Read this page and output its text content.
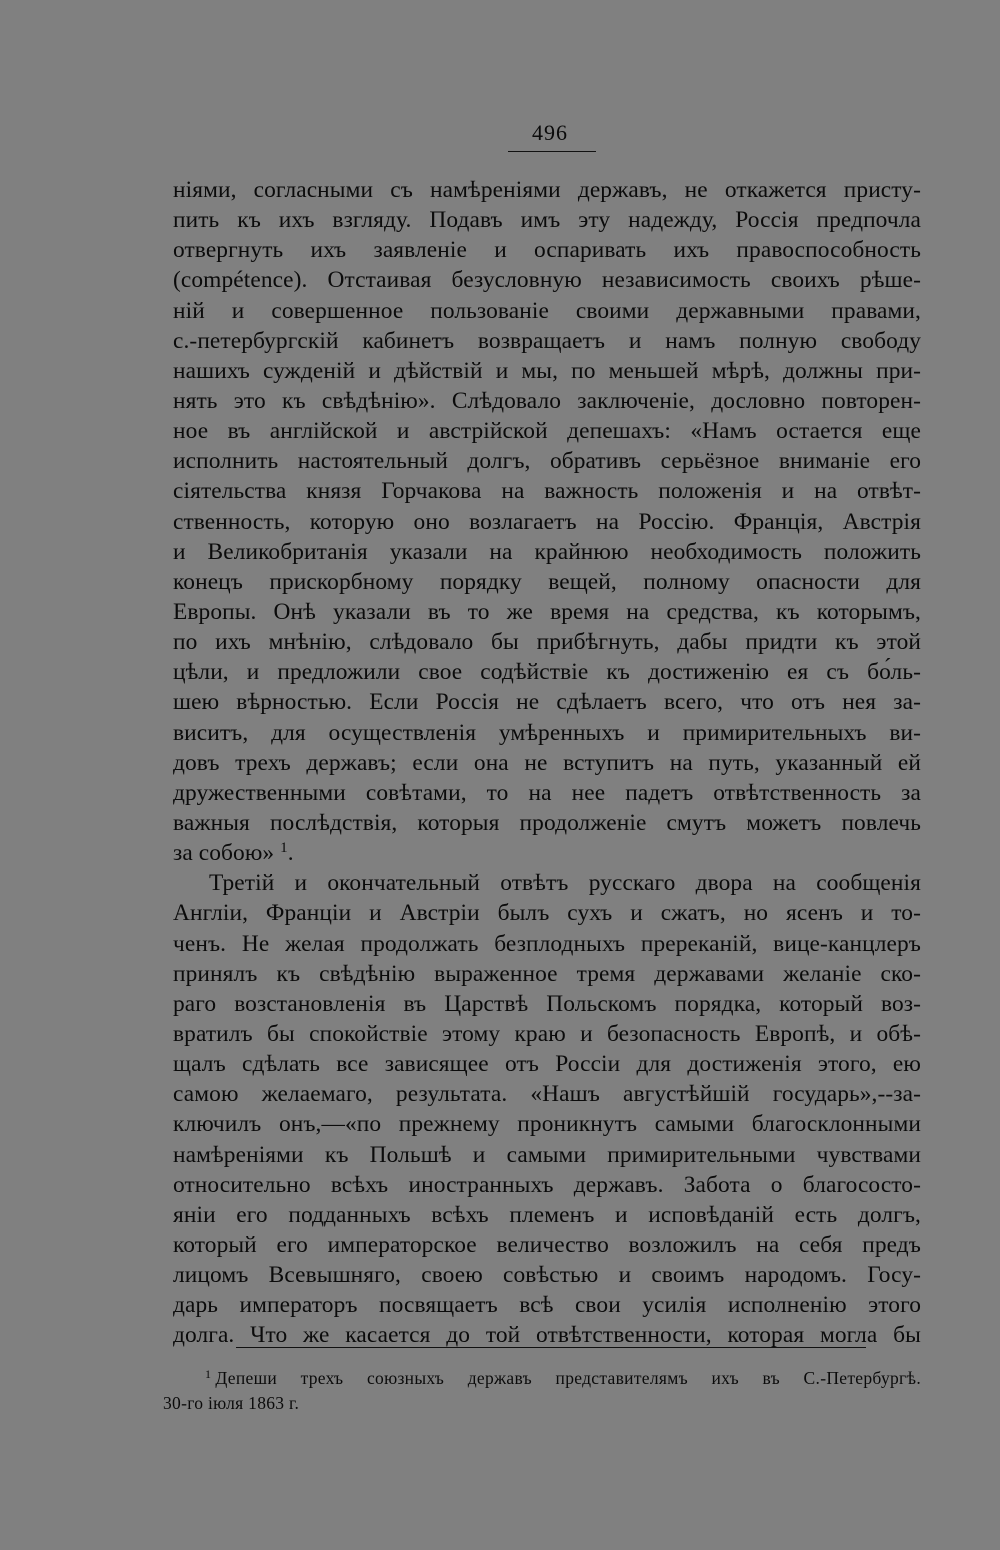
496
ніями, согласными съ намѣреніями державъ, не откажется присту-
пить къ ихъ взгляду. Подавъ имъ эту надежду, Россія предпочла
отвергнуть ихъ заявленіе и оспаривать ихъ правоспособность
(compétence). Отстаивая безусловную независимость своихъ рѣше-
ній и совершенное пользованіе своими державными правами,
с.-петербургскій кабинетъ возвращаетъ и намъ полную свободу
нашихъ сужденій и дѣйствій и мы, по меньшей мѣрѣ, должны при-
нять это къ свѣдѣнію». Слѣдовало заключеніе, дословно повторен-
ное въ англійской и австрійской депешахъ: «Намъ остается еще
исполнить настоятельный долгъ, обративъ серьёзное вниманіе его
сіятельства князя Горчакова на важность положенія и на отвѣт-
ственность, которую оно возлагаетъ на Россію. Франція, Австрія
и Великобританія указали на крайнюю необходимость положить
конецъ прискорбному порядку вещей, полному опасности для
Европы. Онѣ указали въ то же время на средства, къ которымъ,
по ихъ мнѣнію, слѣдовало бы прибѣгнуть, дабы придти къ этой
цѣли, и предложили свое содѣйствіе къ достиженію ея съ бо́ль-
шею вѣрностью. Если Россія не сдѣлаетъ всего, что отъ нея за-
виситъ, для осуществленія умѣренныхъ и примирительныхъ ви-
довъ трехъ державъ; если она не вступитъ на путь, указанный ей
дружественными совѣтами, то на нее падетъ отвѣтственность за
важныя послѣдствія, которыя продолженіе смутъ можетъ повлечь
за собою» $^1$.
Третій и окончательный отвѣтъ русскаго двора на сообщенія
Англіи, Франціи и Австріи былъ сухъ и сжатъ, но ясенъ и то-
ченъ. Не желая продолжать безплодныхъ пререканій, вице-канцлеръ
принялъ къ свѣдѣнію выраженное тремя державами желаніе ско-
раго возстановленія въ Царствѣ Польскомъ порядка, который воз-
вратилъ бы спокойствіе этому краю и безопасность Европѣ, и обѣ-
щалъ сдѣлать все зависящее отъ Россіи для достиженія этого, ею
самою желаемаго, результата. «Нашъ августѣйшій государь»,--за-
ключилъ онъ,—«по прежнему проникнутъ самыми благосклонными
намѣреніями къ Польшѣ и самыми примирительными чувствами
относительно всѣхъ иностранныхъ державъ. Забота о благососто-
яніи его подданныхъ всѣхъ племенъ и исповѣданій есть долгъ,
который его императорское величество возложилъ на себя предъ
лицомъ Всевышняго, своею совѣстью и своимъ народомъ. Госу-
дарь императоръ посвящаетъ всѣ свои усилія исполненію этого
долга. Что же касается до той отвѣтственности, которая могла бы
$^1$ Депеши трехъ союзныхъ державъ представителямъ ихъ въ С.-Петербургѣ.
30-го іюля 1863 г.
